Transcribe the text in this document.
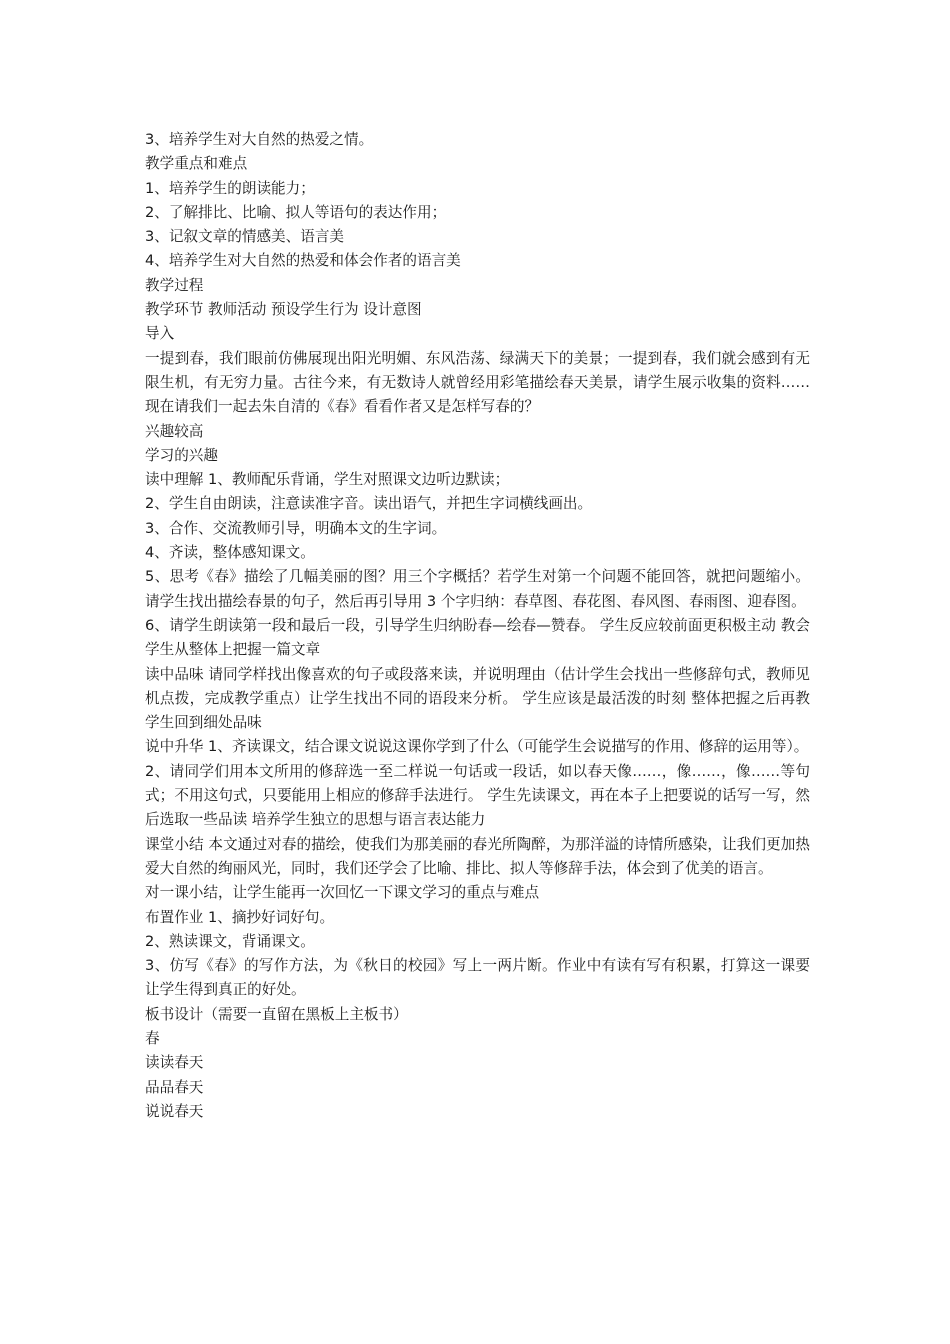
3、培养学生对大自然的热爱之情。

教学重点和难点

1、培养学生的朗读能力；

2、了解排比、比喻、拟人等语句的表达作用；

3、记叙文章的情感美、语言美

4、培养学生对大自然的热爱和体会作者的语言美

教学过程

教学环节 教师活动 预设学生行为 设计意图

导入

一提到春，我们眼前仿佛展现出阳光明媚、东风浩荡、绿满天下的美景；一提到春，我们就会感到有无限生机，有无穷力量。古往今来，有无数诗人就曾经用彩笔描绘春天美景，请学生展示收集的资料……现在请我们一起去朱自清的《春》看看作者又是怎样写春的？

兴趣较高

学习的兴趣

读中理解 1、教师配乐背诵，学生对照课文边听边默读；

2、学生自由朗读，注意读准字音。读出语气，并把生字词横线画出。

3、合作、交流教师引导，明确本文的生字词。

4、齐读，整体感知课文。

5、思考《春》描绘了几幅美丽的图？用三个字概括？若学生对第一个问题不能回答，就把问题缩小。请学生找出描绘春景的句子，然后再引导用 3 个字归纳：春草图、春花图、春风图、春雨图、迎春图。

6、请学生朗读第一段和最后一段，引导学生归纳盼春—绘春—赞春。 学生反应较前面更积极主动 教会学生从整体上把握一篇文章

读中品味 请同学样找出像喜欢的句子或段落来读，并说明理由（估计学生会找出一些修辞句式，教师见机点拨，完成教学重点）让学生找出不同的语段来分析。 学生应该是最活泼的时刻 整体把握之后再教学生回到细处品味

说中升华 1、齐读课文，结合课文说说这课你学到了什么（可能学生会说描写的作用、修辞的运用等）。

2、请同学们用本文所用的修辞选一至二样说一句话或一段话，如以春天像……，像……，像……等句式；不用这句式，只要能用上相应的修辞手法进行。 学生先读课文，再在本子上把要说的话写一写，然后选取一些品读 培养学生独立的思想与语言表达能力

课堂小结 本文通过对春的描绘，使我们为那美丽的春光所陶醉，为那洋溢的诗情所感染，让我们更加热爱大自然的绚丽风光，同时，我们还学会了比喻、排比、拟人等修辞手法，体会到了优美的语言。

对一课小结，让学生能再一次回忆一下课文学习的重点与难点

布置作业 1、摘抄好词好句。

2、熟读课文，背诵课文。

3、仿写《春》的写作方法，为《秋日的校园》写上一两片断。作业中有读有写有积累，打算这一课要让学生得到真正的好处。

板书设计（需要一直留在黑板上主板书）

春

读读春天

品品春天

说说春天
